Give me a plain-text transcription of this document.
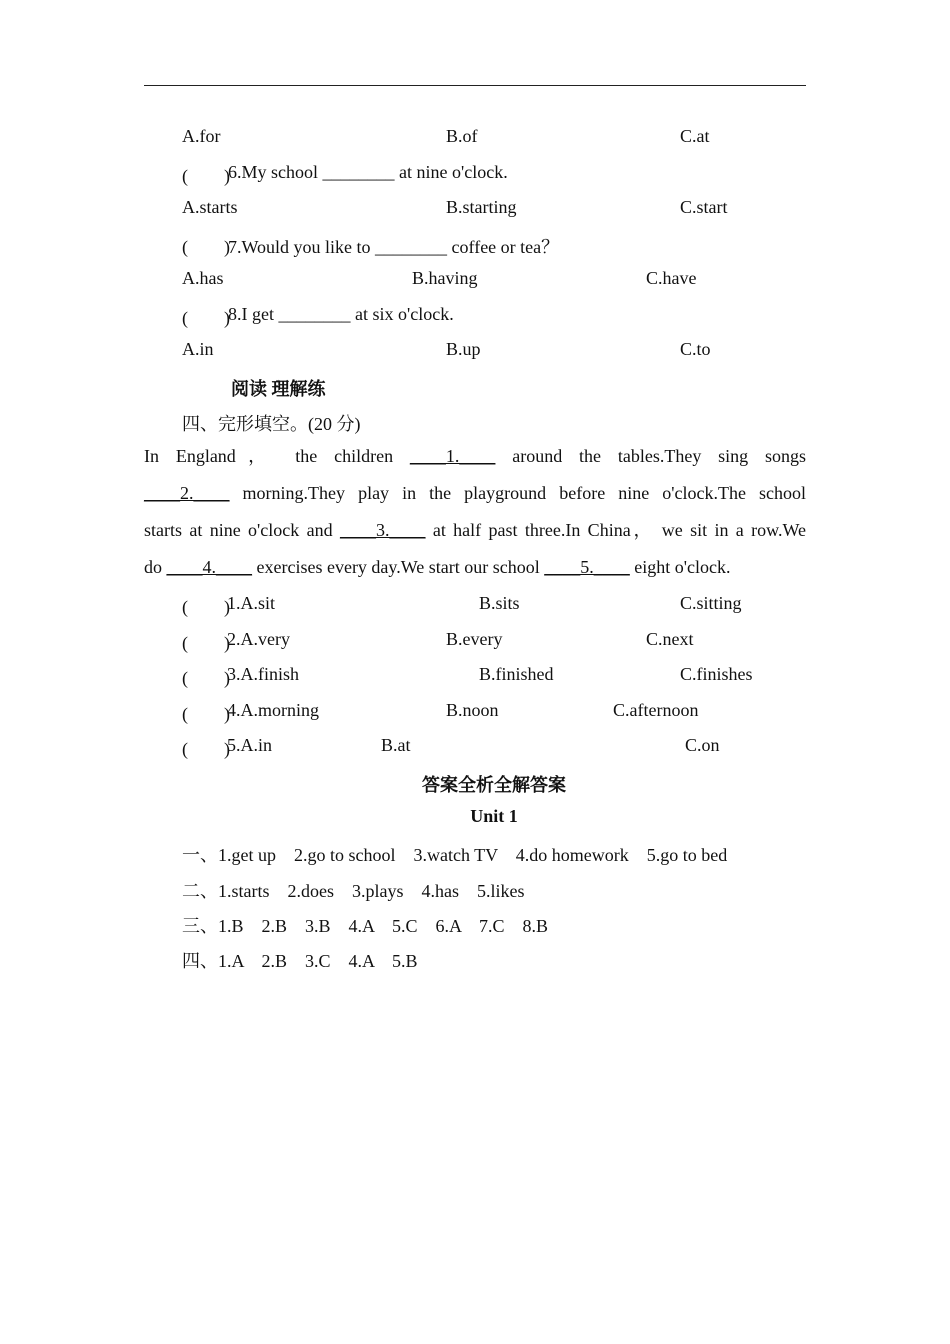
A.for	B.of	C.at
(　　)
6.My school ________ at nine o'clock.
A.starts	B.starting	C.start
(　　)
7.Would you like to ________ coffee or tea？
A.has	B.having	C.have
(　　)
8.I get ________ at six o'clock.
A.in	B.up	C.to
阅读 理解练
四、完形填空。(20 分)
In England， the children ____1.____ around the tables.They sing songs
____2.____ morning.They play in the playground before nine o'clock.The school
starts at nine o'clock and ____3.____ at half past three.In China， we sit in a row.We
do ____4.____ exercises every day.We start our school ____5.____ eight o'clock.
(　　)
1.A.sit	B.sits	C.sitting
(　　)
2.A.very	B.every	C.next
(　　)
3.A.finish	B.finished	C.finishes
(　　)
4.A.morning	B.noon	C.afternoon
(　　)
5.A.in	B.at	C.on
答案全析全解答案
Unit 1
一、1.get up　2.go to school　3.watch TV　4.do homework　5.go to bed
二、1.starts　2.does　3.plays　4.has　5.likes
三、1.B　2.B　3.B　4.A　5.C　6.A　7.C　8.B
四、1.A　2.B　3.C　4.A　5.B
